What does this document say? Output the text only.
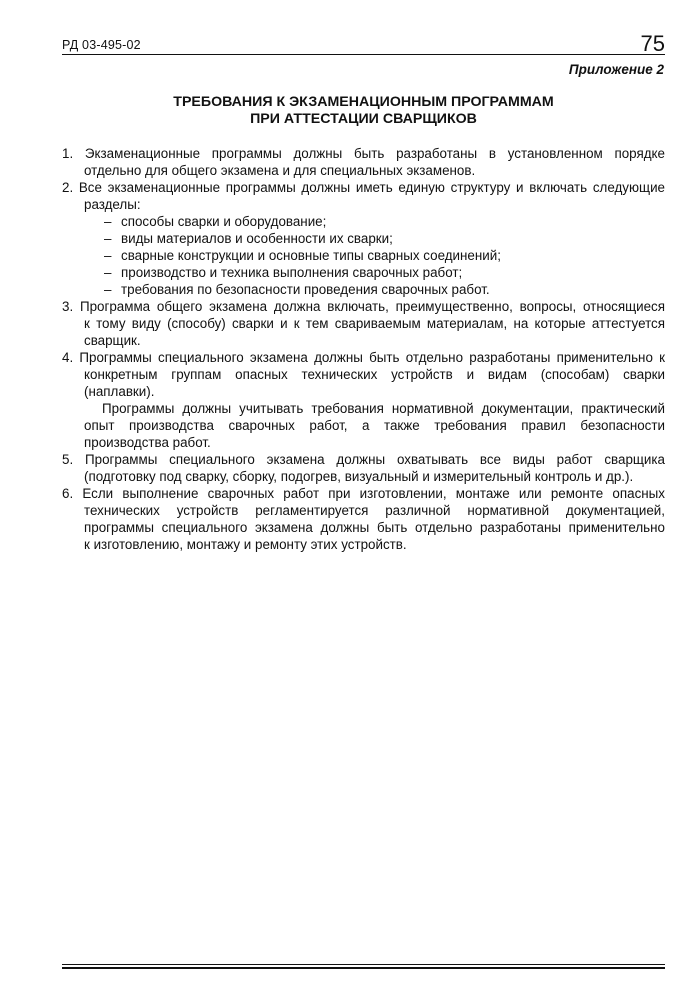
РД 03-495-02	75
Приложение 2
ТРЕБОВАНИЯ К ЭКЗАМЕНАЦИОННЫМ ПРОГРАММАМ
ПРИ АТТЕСТАЦИИ СВАРЩИКОВ
1. Экзаменационные программы должны быть разработаны в установленном порядке
отдельно для общего экзамена и для специальных экзаменов.
2. Все экзаменационные программы должны иметь единую структуру и включать следующие
разделы:
– способы сварки и оборудование;
– виды материалов и особенности их сварки;
– сварные конструкции и основные типы сварных соединений;
– производство и техника выполнения сварочных работ;
– требования по безопасности проведения сварочных работ.
3. Программа общего экзамена должна включать, преимущественно, вопросы, относящиеся
к тому виду (способу) сварки и к тем свариваемым материалам, на которые аттестуется
сварщик.
4. Программы специального экзамена должны быть отдельно разработаны применительно к
конкретным группам опасных технических устройств и видам (способам) сварки
(наплавки).
Программы должны учитывать требования нормативной документации, практический
опыт производства сварочных работ, а также требования правил безопасности
производства работ.
5. Программы специального экзамена должны охватывать все виды работ сварщика
(подготовку под сварку, сборку, подогрев, визуальный и измерительный контроль и др.).
6. Если выполнение сварочных работ при изготовлении, монтаже или ремонте опасных
технических устройств регламентируется различной нормативной документацией,
программы специального экзамена должны быть отдельно разработаны применительно
к изготовлению, монтажу и ремонту этих устройств.
